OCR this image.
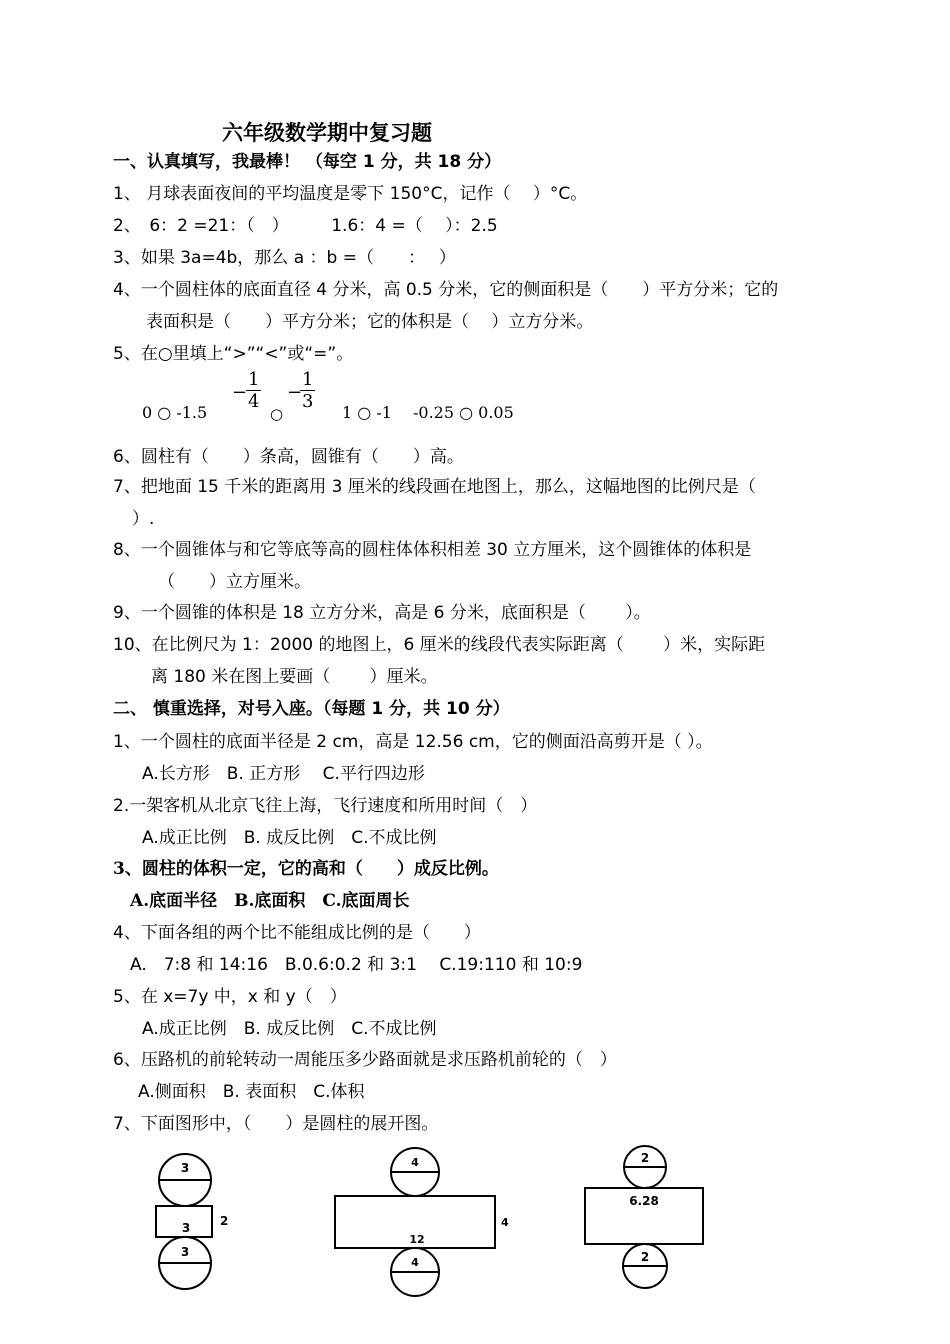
六年级数学期中复习题
一、认真填写，我最棒！ （每空 1 分，共 18 分）
1、 月球表面夜间的平均温度是零下 150°C，记作（　 ）°C。
2、　6：2 =21：（　）　　　1.6：4 =（　 ）：2.5
3、如果 3a=4b，那么 a ：b =（　　：　 ）
4、一个圆柱体的底面直径 4 分米，高 0.5 分米，它的侧面积是（　　）平方分米；它的
表面积是（　　）平方分米；它的体积是（　 ）立方分米。
5、在○里填上“>”“<”或“=”。
0 ○ -1.5
−
$\frac{1}{4}$
○
−
$\frac{1}{3} 1$ ○ -1 -0.25 ○ 0.05
6、圆柱有（　　）条高，圆锥有（　　）高。
7、把地面 15 千米的距离用 3 厘米的线段画在地图上，那么，这幅地图的比例尺是（
）.
8、一个圆锥体与和它等底等高的圆柱体体积相差 30 立方厘米，这个圆锥体的体积是
（　　）立方厘米。
9、一个圆锥的体积是 18 立方分米，高是 6 分米，底面积是（　　 ）。
10、在比例尺为 1：2000 的地图上，6 厘米的线段代表实际距离（　　 ）米，实际距
离 180 米在图上要画（　　 ）厘米。
二、 慎重选择，对号入座。（每题 1 分，共 10 分）
1、一个圆柱的底面半径是 2 cm，高是 12.56 cm，它的侧面沿高剪开是（ ）。
A.长方形　B. 正方形　 C.平行四边形
2.一架客机从北京飞往上海，飞行速度和所用时间（　）
A.成正比例　B. 成反比例　C.不成比例
3、圆柱的体积一定，它的高和（　　）成反比例。
A.底面半径　B.底面积　C.底面周长
4、下面各组的两个比不能组成比例的是（　　）
A.　7:8 和 14:16　B.0.6:0.2 和 3:1　 C.19:110 和 10:9
5、在 x=7y 中，x 和 y（　）
A.成正比例　B. 成反比例　C.不成比例
6、压路机的前轮转动一周能压多少路面就是求压路机前轮的（　）
A.侧面积　B. 表面积　C.体积
7、下面图形中，（　　）是圆柱的展开图。
3
3 2
3
4
12
4
4
2
6.28
2
